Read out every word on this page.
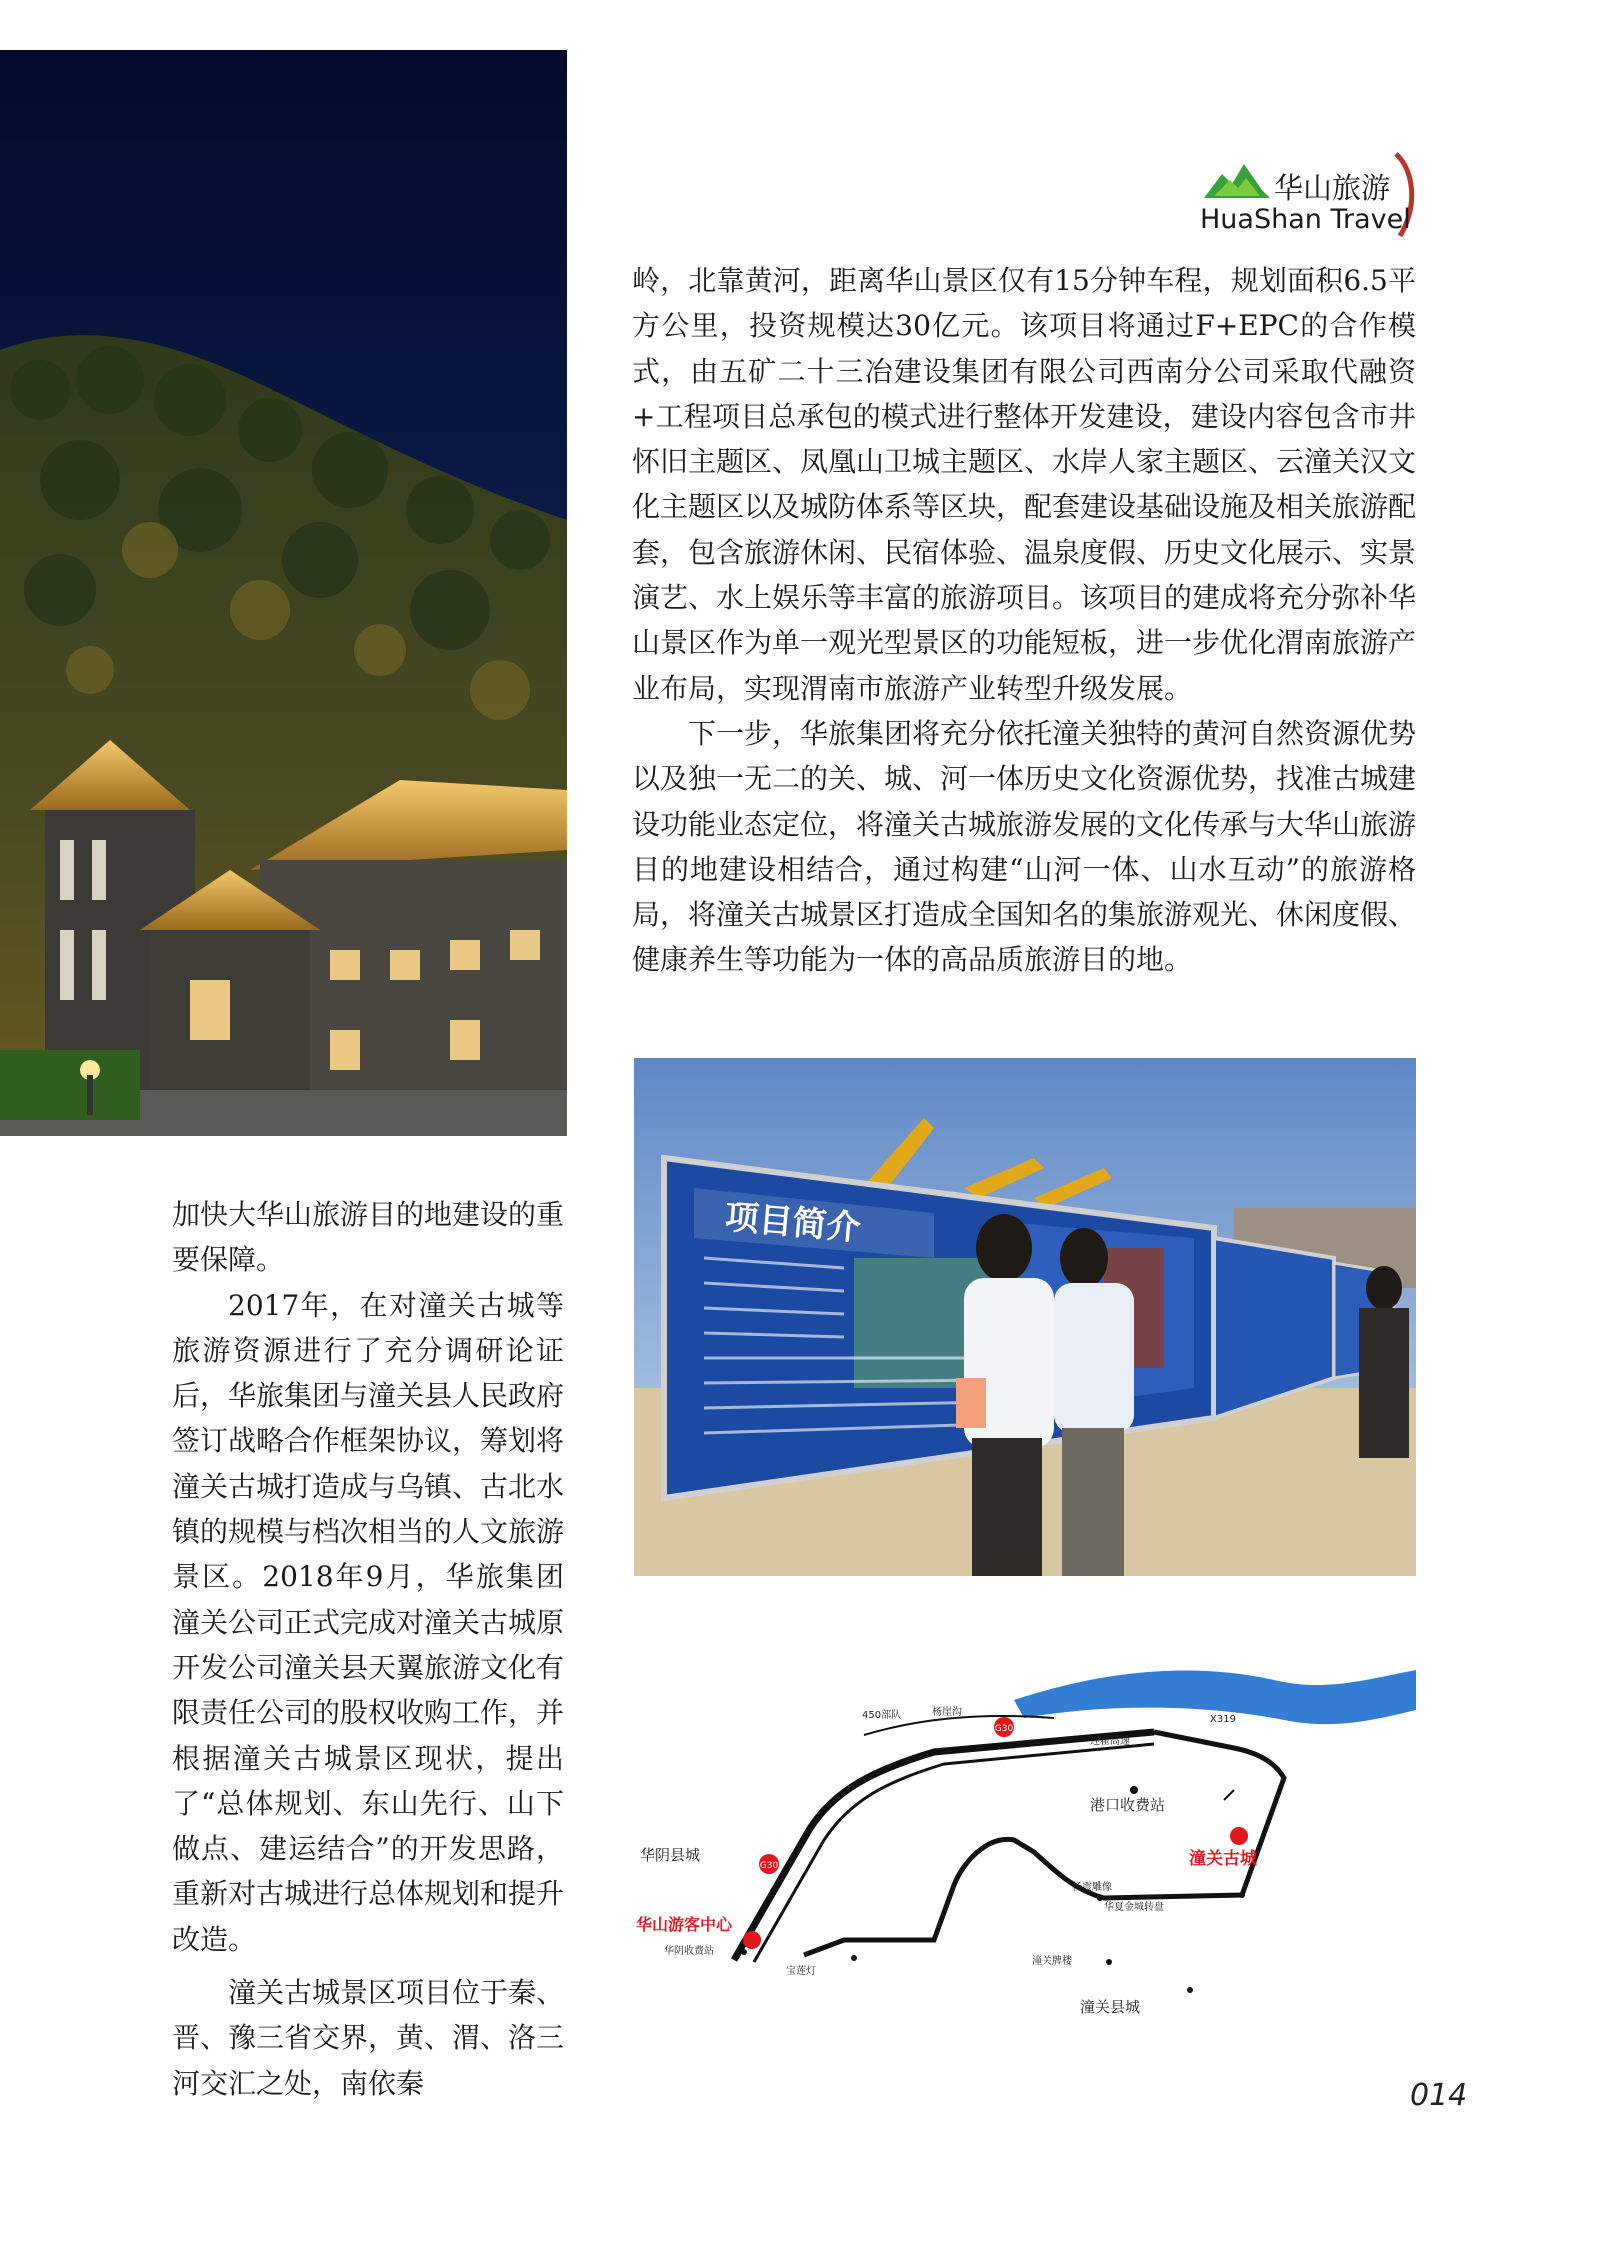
华山旅游
HuaShan Travel

岭，北靠黄河，距离华山景区仅有15分钟车程，规划面积6.5平方公里，投资规模达30亿元。该项目将通过F+EPC的合作模式，由五矿二十三冶建设集团有限公司西南分公司采取代融资+工程项目总承包的模式进行整体开发建设，建设内容包含市井怀旧主题区、凤凰山卫城主题区、水岸人家主题区、云潼关汉文化主题区以及城防体系等区块，配套建设基础设施及相关旅游配套，包含旅游休闲、民宿体验、温泉度假、历史文化展示、实景演艺、水上娱乐等丰富的旅游项目。该项目的建成将充分弥补华山景区作为单一观光型景区的功能短板，进一步优化渭南旅游产业布局，实现渭南市旅游产业转型升级发展。

下一步，华旅集团将充分依托潼关独特的黄河自然资源优势以及独一无二的关、城、河一体历史文化资源优势，找准古城建设功能业态定位，将潼关古城旅游发展的文化传承与大华山旅游目的地建设相结合，通过构建“山河一体、山水互动”的旅游格局，将潼关古城景区打造成全国知名的集旅游观光、休闲度假、健康养生等功能为一体的高品质旅游目的地。

项目简介
G30
G30
450部队	杨崖沟
连霍高速
X319
港口收费站
潼关古城
华阴县城
华山游客中心
华阴收费站
杨震雕像
华夏金城转盘
宝莲灯
潼关牌楼
潼关县城

加快大华山旅游目的地建设的重要保障。

2017年，在对潼关古城等旅游资源进行了充分调研论证后，华旅集团与潼关县人民政府签订战略合作框架协议，筹划将潼关古城打造成与乌镇、古北水镇的规模与档次相当的人文旅游景区。2018年9月，华旅集团潼关公司正式完成对潼关古城原开发公司潼关县天翼旅游文化有限责任公司的股权收购工作，并根据潼关古城景区现状，提出了“总体规划、东山先行、山下做点、建运结合”的开发思路，重新对古城进行总体规划和提升改造。

潼关古城景区项目位于秦、晋、豫三省交界，黄、渭、洛三河交汇之处，南依秦	014
